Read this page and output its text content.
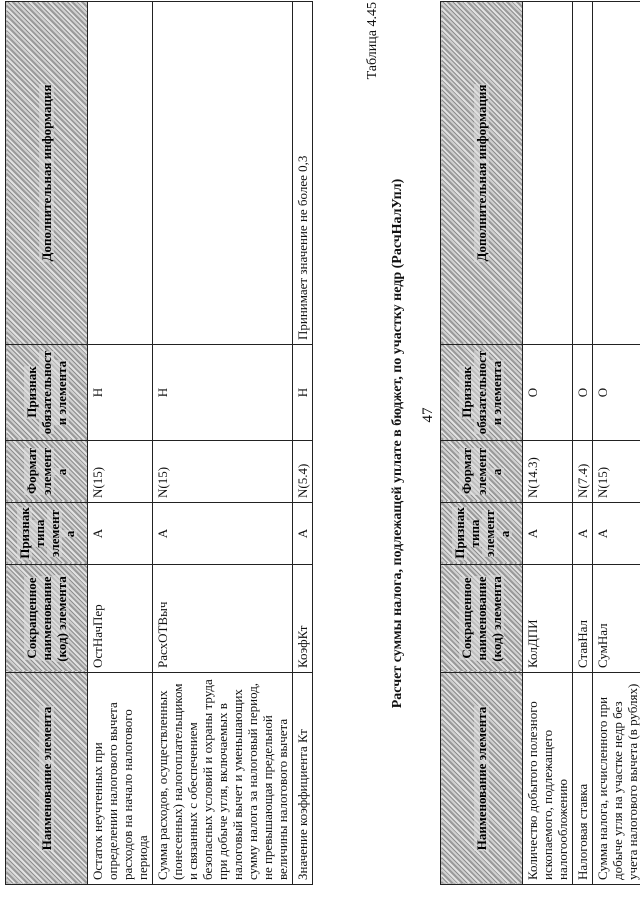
47
Наименование элемента	Сокращенное наименование (код) элемента	Признак типа элемента	Формат элемента	Признак обязательности элемента	Дополнительная информация
Количество добытого полезного ископаемого, подлежащего налогообложению	КолДПИ	А	N(14.3)	О	
Налоговая ставка	СтавНал	А	N(7.4)	О	
Сумма налога, исчисленного при добыче угля на участке недр без учета налогового вычета (в рублях)	СумНал	А	N(15)	О	
Таблица 4.45
Расчет суммы налога, подлежащей уплате в бюджет, по участку недр (РасчНалУпл)
Наименование элемента	Сокращенное наименование (код) элемента	Признак типа элемента	Формат элемента	Признак обязательности элемента	Дополнительная информация
Остаток неучтенных при определении налогового вычета расходов на начало налогового периода	ОстНачПер	А	N(15)	Н	
Сумма расходов, осуществленных (понесенных) налогоплательщиком и связанных с обеспечением безопасных условий и охраны труда при добыче угля, включаемых в налоговый вычет и уменьшающих сумму налога за налоговый период, не превышающая предельной величины налогового вычета	РасхОТВыч	А	N(15)	Н	
Значение коэффициента Кт	КоэфКт	А	N(5.4)	Н	Принимает значение не более 0,3
